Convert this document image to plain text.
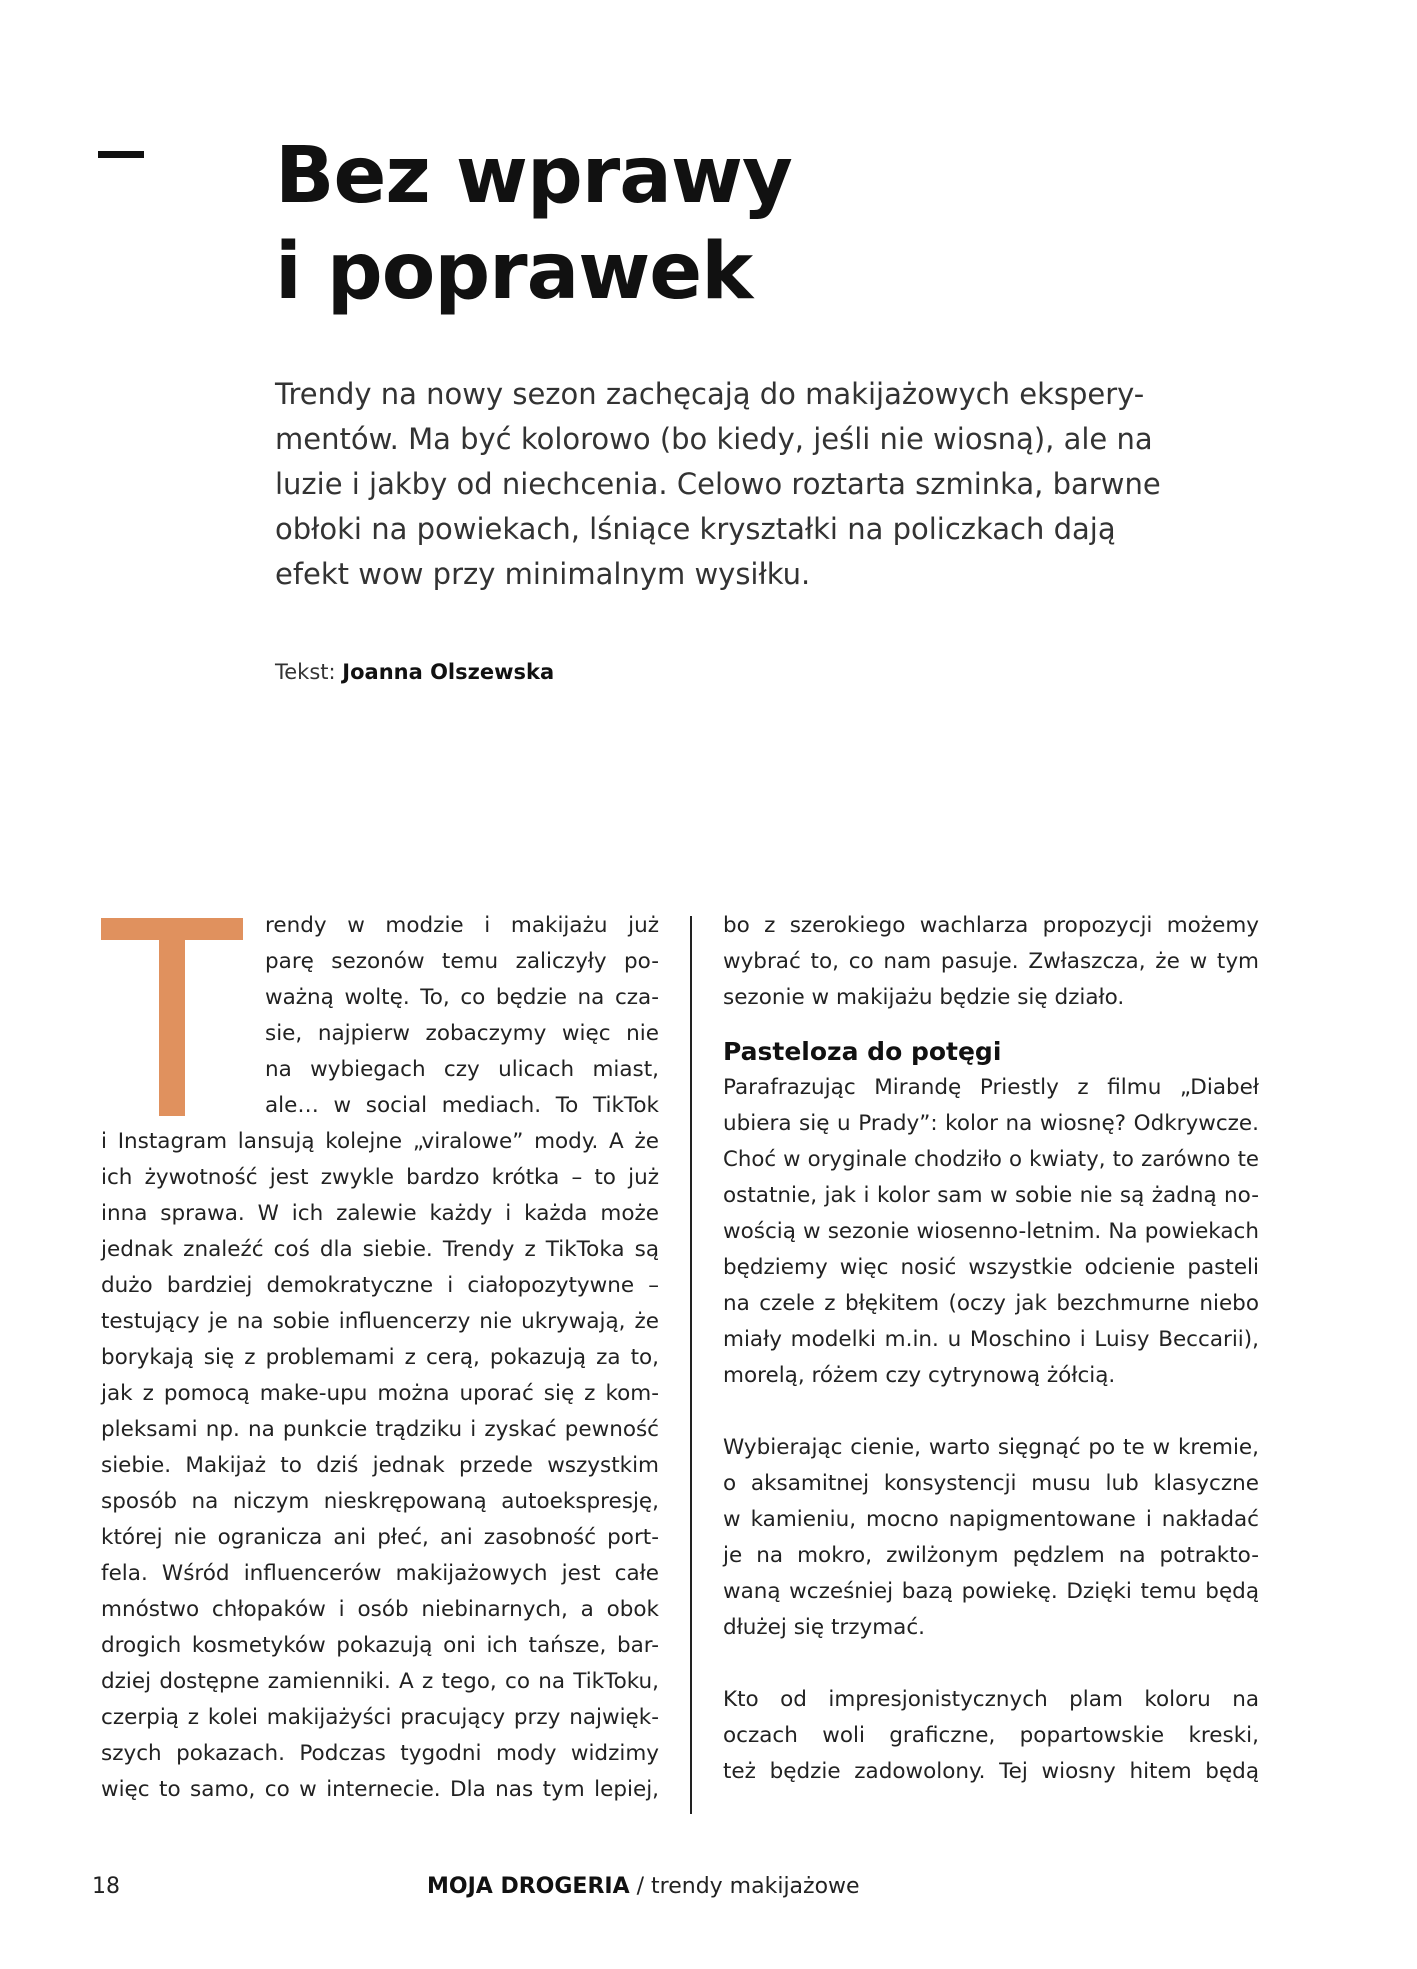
Bez wprawy
i poprawek
Trendy na nowy sezon zachęcają do makijażowych ekspery-
mentów. Ma być kolorowo (bo kiedy, jeśli nie wiosną), ale na
luzie i jakby od niechcenia. Celowo roztarta szminka, barwne
obłoki na powiekach, lśniące kryształki na policzkach dają
efekt wow przy minimalnym wysiłku.
Tekst: Joanna Olszewska
rendy w modzie i makijażu już
parę sezonów temu zaliczyły po-
ważną woltę. To, co będzie na cza-
sie, najpierw zobaczymy więc nie
na wybiegach czy ulicach miast,
ale… w social mediach. To TikTok
i Instagram lansują kolejne „viralowe” mody. A że
ich żywotność jest zwykle bardzo krótka – to już
inna sprawa. W ich zalewie każdy i każda może
jednak znaleźć coś dla siebie. Trendy z TikToka są
dużo bardziej demokratyczne i ciałopozytywne –
testujący je na sobie influencerzy nie ukrywają, że
borykają się z problemami z cerą, pokazują za to,
jak z pomocą make-upu można uporać się z kom-
pleksami np. na punkcie trądziku i zyskać pewność
siebie. Makijaż to dziś jednak przede wszystkim
sposób na niczym nieskrępowaną autoekspresję,
której nie ogranicza ani płeć, ani zasobność port-
fela. Wśród influencerów makijażowych jest całe
mnóstwo chłopaków i osób niebinarnych, a obok
drogich kosmetyków pokazują oni ich tańsze, bar-
dziej dostępne zamienniki. A z tego, co na TikToku,
czerpią z kolei makijażyści pracujący przy najwięk-
szych pokazach. Podczas tygodni mody widzimy
więc to samo, co w internecie. Dla nas tym lepiej,
bo z szerokiego wachlarza propozycji możemy
wybrać to, co nam pasuje. Zwłaszcza, że w tym
sezonie w makijażu będzie się działo.
Pasteloza do potęgi
Parafrazując Mirandę Priestly z filmu „Diabeł
ubiera się u Prady”: kolor na wiosnę? Odkrywcze.
Choć w oryginale chodziło o kwiaty, to zarówno te
ostatnie, jak i kolor sam w sobie nie są żadną no-
wością w sezonie wiosenno-letnim. Na powiekach
będziemy więc nosić wszystkie odcienie pasteli
na czele z błękitem (oczy jak bezchmurne niebo
miały modelki m.in. u Moschino i Luisy Beccarii),
morelą, różem czy cytrynową żółcią.
Wybierając cienie, warto sięgnąć po te w kremie,
o aksamitnej konsystencji musu lub klasyczne
w kamieniu, mocno napigmentowane i nakładać
je na mokro, zwilżonym pędzlem na potrakto-
waną wcześniej bazą powiekę. Dzięki temu będą
dłużej się trzymać.
Kto od impresjonistycznych plam koloru na
oczach woli graficzne, popartowskie kreski,
też będzie zadowolony. Tej wiosny hitem będą
18	MOJA DROGERIA / trendy makijażowe
